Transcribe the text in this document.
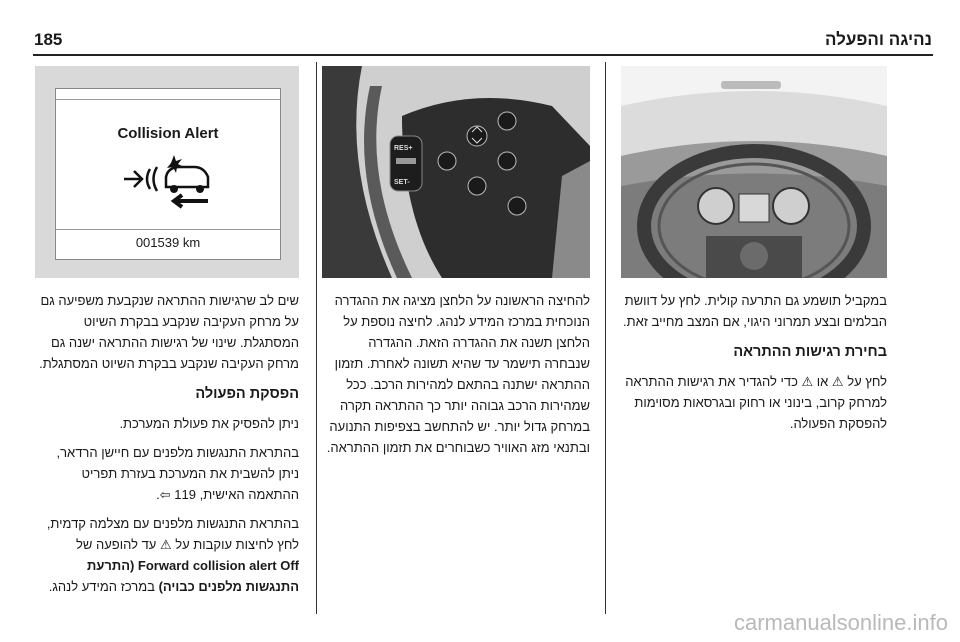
נהיגה והפעלה
185

במקביל תושמע גם התרעה קולית. לחץ על דוושת הבלמים ובצע תמרוני היגוי, אם המצב מחייב זאת.

בחירת רגישות ההתראה

לחץ על ⚠ או ⚠ כדי להגדיר את רגישות ההתראה למרחק קרוב, בינוני או רחוק ובגרסאות מסוימות להפסקת הפעולה.

RES+
SET-

להחיצה הראשונה על הלחצן מציגה את ההגדרה הנוכחית במרכז המידע לנהג. לחיצה נוספת על הלחצן תשנה את ההגדרה הזאת. ההגדרה שנבחרה תישמר עד שהיא תשונה לאחרת. תזמון ההתראה ישתנה בהתאם למהירות הרכב. ככל שמהירות הרכב גבוהה יותר כך ההתראה תקרה במרחק גדול יותר. יש להתחשב בצפיפות התנועה ובתנאי מזג האוויר כשבוחרים את תזמון ההתראה.

Collision Alert
001539 km

שים לב שרגישות ההתראה שנקבעת משפיעה גם על מרחק העקיבה שנקבע בבקרת השיוט המסתגלת. שינוי של רגישות ההתראה ישנה גם מרחק העקיבה שנקבע בבקרת השיוט המסתגלת.

הפסקת הפעולה

ניתן להפסיק את פעולת המערכת.

בהתראת התנגשות מלפנים עם חיישן הרדאר, ניתן להשבית את המערכת בעזרת תפריט ההתאמה האישית, 119 ⇦.

בהתראת התנגשות מלפנים עם מצלמה קדמית, לחץ לחיצות עוקבות על ⚠ עד להופעה של Forward collision alert Off (התרעת התנגשות מלפנים כבויה) במרכז המידע לנהג.

carmanualsonline.info
